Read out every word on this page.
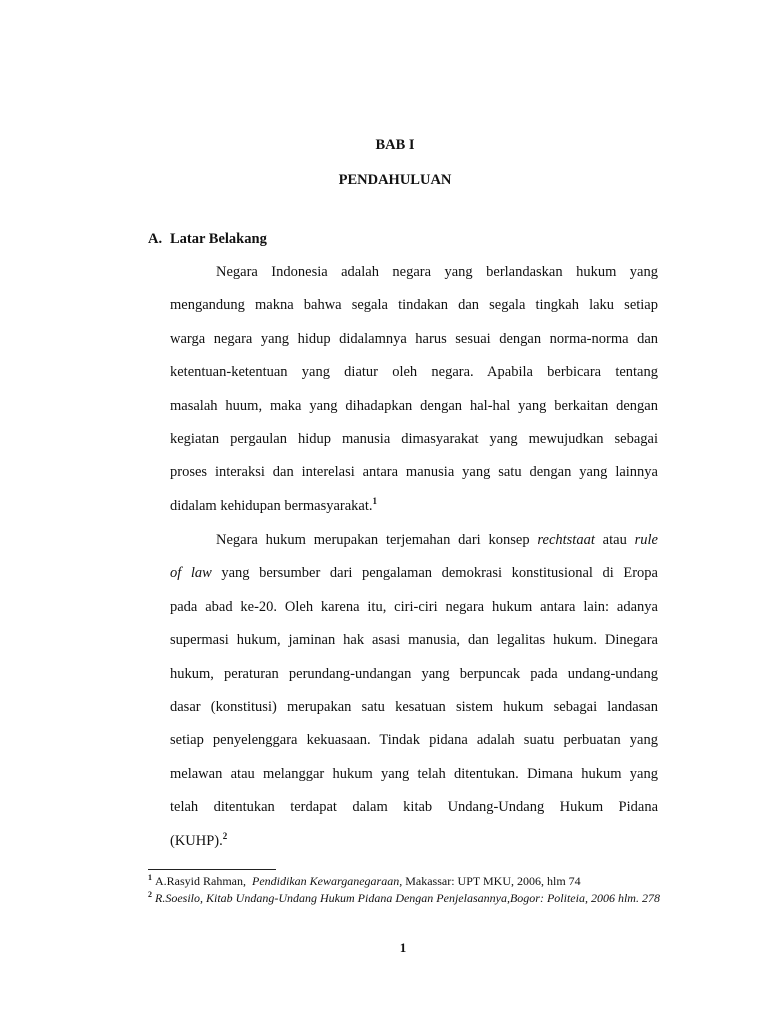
BAB I
PENDAHULUAN
A. Latar Belakang
Negara Indonesia adalah negara yang berlandaskan hukum yang
mengandung makna bahwa segala tindakan dan segala tingkah laku setiap
warga negara yang hidup didalamnya harus sesuai dengan norma-norma dan
ketentuan-ketentuan yang diatur oleh negara. Apabila berbicara tentang
masalah huum, maka yang dihadapkan dengan hal-hal yang berkaitan dengan
kegiatan pergaulan hidup manusia dimasyarakat yang mewujudkan sebagai
proses interaksi dan interelasi antara manusia yang satu dengan yang lainnya
didalam kehidupan bermasyarakat.$^1$
Negara hukum merupakan terjemahan dari konsep rechtstaat atau rule
of law yang bersumber dari pengalaman demokrasi konstitusional di Eropa
pada abad ke-20. Oleh karena itu, ciri-ciri negara hukum antara lain: adanya
supermasi hukum, jaminan hak asasi manusia, dan legalitas hukum. Dinegara
hukum, peraturan perundang-undangan yang berpuncak pada undang-undang
dasar (konstitusi) merupakan satu kesatuan sistem hukum sebagai landasan
setiap penyelenggara kekuasaan. Tindak pidana adalah suatu perbuatan yang
melawan atau melanggar hukum yang telah ditentukan. Dimana hukum yang
telah ditentukan terdapat dalam kitab Undang-Undang Hukum Pidana
(KUHP).$^2$
$^1$ A.Rasyid Rahman, Pendidikan Kewarganegaraan, Makassar: UPT MKU, 2006, hlm 74
$^2$ R.Soesilo, Kitab Undang-Undang Hukum Pidana Dengan Penjelasannya,Bogor: Politeia, 2006 hlm. 278
1
